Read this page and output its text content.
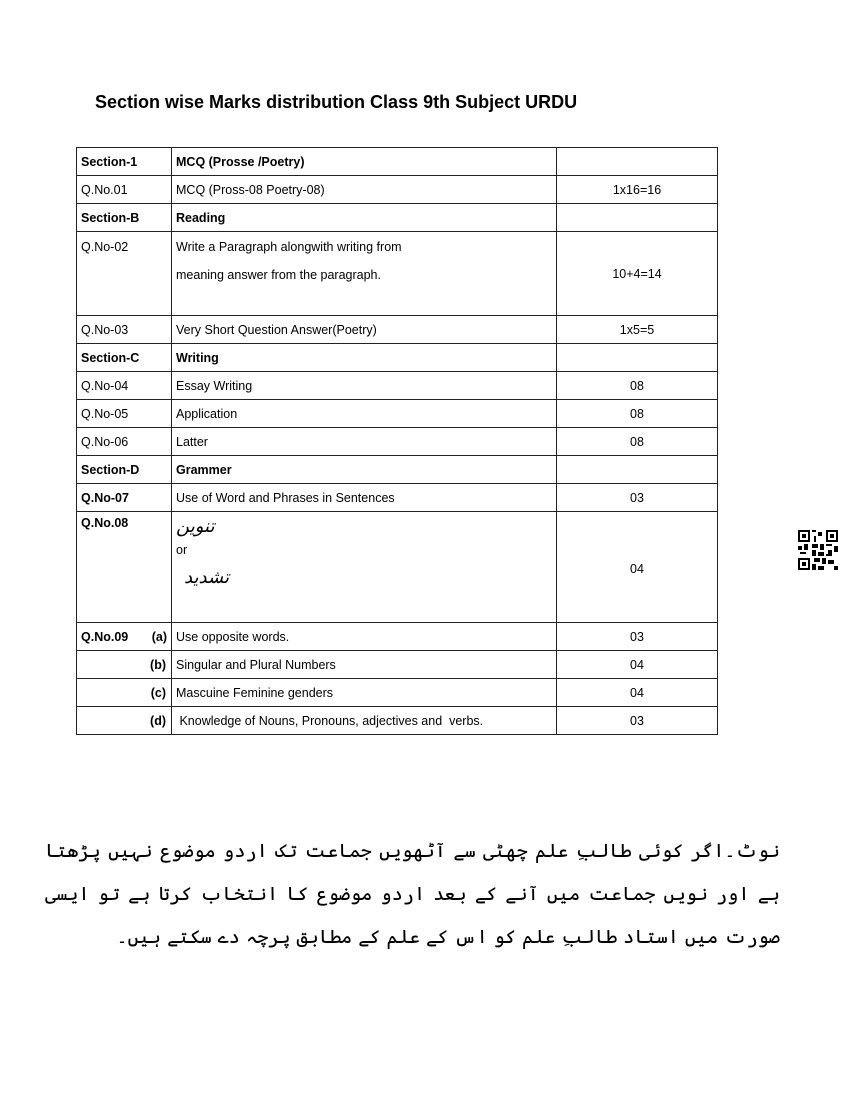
Section wise Marks distribution Class 9th Subject URDU
Section-1	MCQ (Prosse /Poetry)	
Q.No.01	MCQ (Pross-08 Poetry-08)	1x16=16
Section-B	Reading	

Q.No-02	Write a Paragraph alongwith writing from
meaning answer from the paragraph.	10+4=14
Q.No-03	Very Short Question Answer(Poetry)	1x5=5
Section-C	Writing	
Q.No-04	Essay Writing	08
Q.No-05	Application	08
Q.No-06	Latter	08
Section-D	Grammer	
Q.No-07	Use of Word and Phrases in Sentences	03
Q.No.08	تنوین
or
تشدید	04

Q.No.09 (a)	Use opposite words.	03
(b)	Singular and Plural Numbers	04
(c)	Mascuine Feminine genders	04
(d)	Knowledge of Nouns, Pronouns, adjectives and  verbs.	03
نوٹ۔اگر کوئی طالبِ علم چھٹی سے آٹھویں جماعت تک اردو موضوع نہیں پڑھتا ہے اور نویں جماعت میں آنے کے بعد اردو موضوع کا انتخاب کرتا ہے تو ایسی صورت میں استاد طالبِ علم کو اس کے علم کے مطابق پرچہ دے سکتے ہیں۔
